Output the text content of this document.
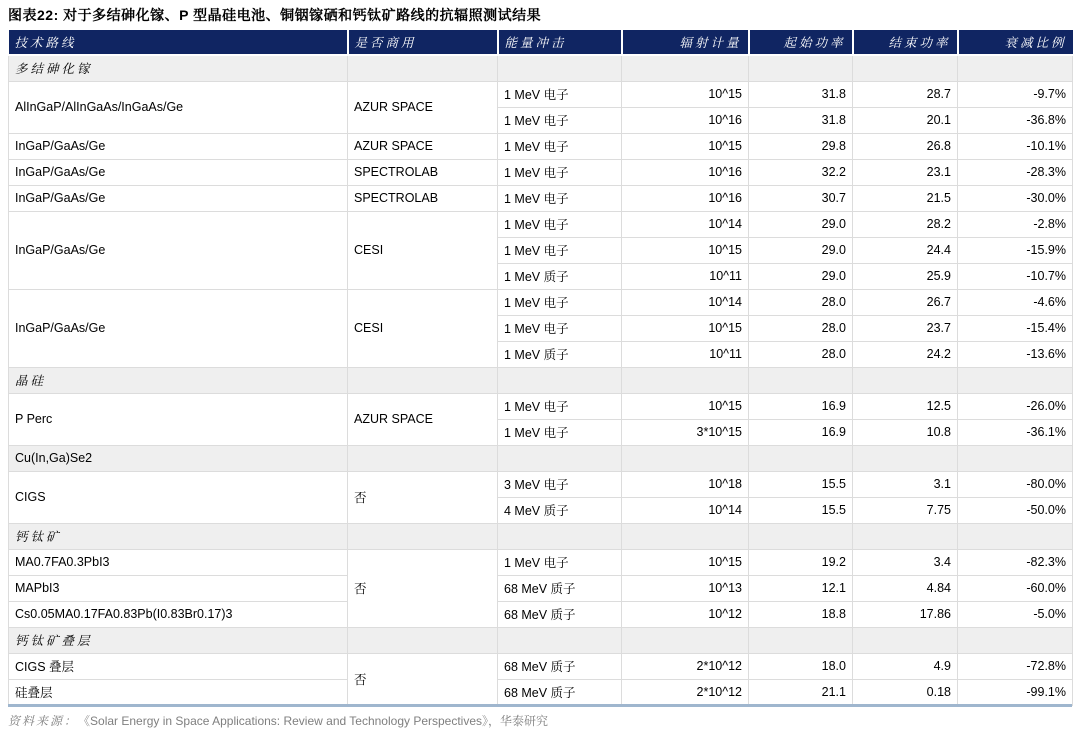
图表22: 对于多结砷化镓、P 型晶硅电池、铜铟镓硒和钙钛矿路线的抗辐照测试结果
技术路线	是否商用	能量冲击	辐射计量	起始功率	结束功率	衰减比例
多结砷化镓						
AlInGaP/AlInGaAs/InGaAs/Ge	AZUR SPACE	1 MeV 电子	10^15	31.8	28.7	-9.7%
		1 MeV 电子	10^16	31.8	20.1	-36.8%
InGaP/GaAs/Ge	AZUR SPACE	1 MeV 电子	10^15	29.8	26.8	-10.1%
InGaP/GaAs/Ge	SPECTROLAB	1 MeV 电子	10^16	32.2	23.1	-28.3%
InGaP/GaAs/Ge	SPECTROLAB	1 MeV 电子	10^16	30.7	21.5	-30.0%
InGaP/GaAs/Ge	CESI	1 MeV 电子	10^14	29.0	28.2	-2.8%
		1 MeV 电子	10^15	29.0	24.4	-15.9%
		1 MeV 质子	10^11	29.0	25.9	-10.7%
InGaP/GaAs/Ge	CESI	1 MeV 电子	10^14	28.0	26.7	-4.6%
		1 MeV 电子	10^15	28.0	23.7	-15.4%
		1 MeV 质子	10^11	28.0	24.2	-13.6%
晶硅						
P Perc	AZUR SPACE	1 MeV 电子	10^15	16.9	12.5	-26.0%
		1 MeV 电子	3*10^15	16.9	10.8	-36.1%
Cu(In,Ga)Se2						
CIGS	否	3 MeV 电子	10^18	15.5	3.1	-80.0%
		4 MeV 质子	10^14	15.5	7.75	-50.0%
钙钛矿						
MA0.7FA0.3PbI3	否	1 MeV 电子	10^15	19.2	3.4	-82.3%
MAPbI3		68 MeV 质子	10^13	12.1	4.84	-60.0%
Cs0.05MA0.17FA0.83Pb(I0.83Br0.17)3		68 MeV 质子	10^12	18.8	17.86	-5.0%
钙钛矿叠层						
CIGS 叠层	否	68 MeV 质子	2*10^12	18.0	4.9	-72.8%
硅叠层		68 MeV 质子	2*10^12	21.1	0.18	-99.1%
资料来源： 《Solar Energy in Space Applications: Review and Technology Perspectives》，华泰研究
